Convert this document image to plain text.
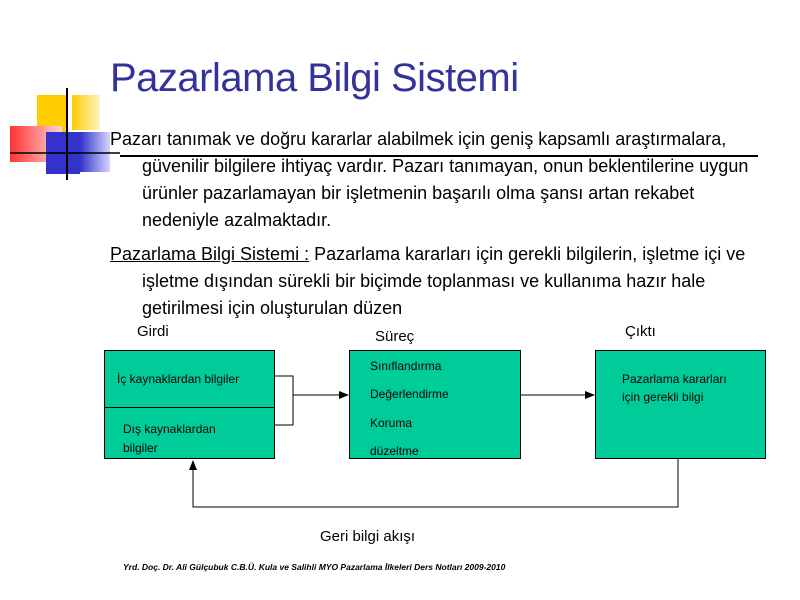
Pazarlama Bilgi Sistemi

Pazarı tanımak ve doğru kararlar alabilmek için geniş kapsamlı araştırmalara, güvenilir bilgilere ihtiyaç vardır. Pazarı tanımayan, onun beklentilerine uygun ürünler pazarlamayan bir işletmenin başarılı olma şansı artan rekabet nedeniyle azalmaktadır.

Pazarlama Bilgi Sistemi : Pazarlama kararları için gerekli bilgilerin, işletme içi ve işletme dışından sürekli bir biçimde toplanması ve kullanıma hazır hale getirilmesi için oluşturulan düzen

Girdi	Süreç	Çıktı
İç kaynaklardan bilgiler
Dış kaynaklardan
bilgiler
Sınıflandırma
Değerlendirme
Koruma
düzeltme
Pazarlama kararları
için gerekli bilgi
Geri bilgi akışı
Yrd. Doç. Dr. Ali Gülçubuk C.B.Ü. Kula ve Salihli MYO Pazarlama İlkeleri Ders Notları 2009-2010
